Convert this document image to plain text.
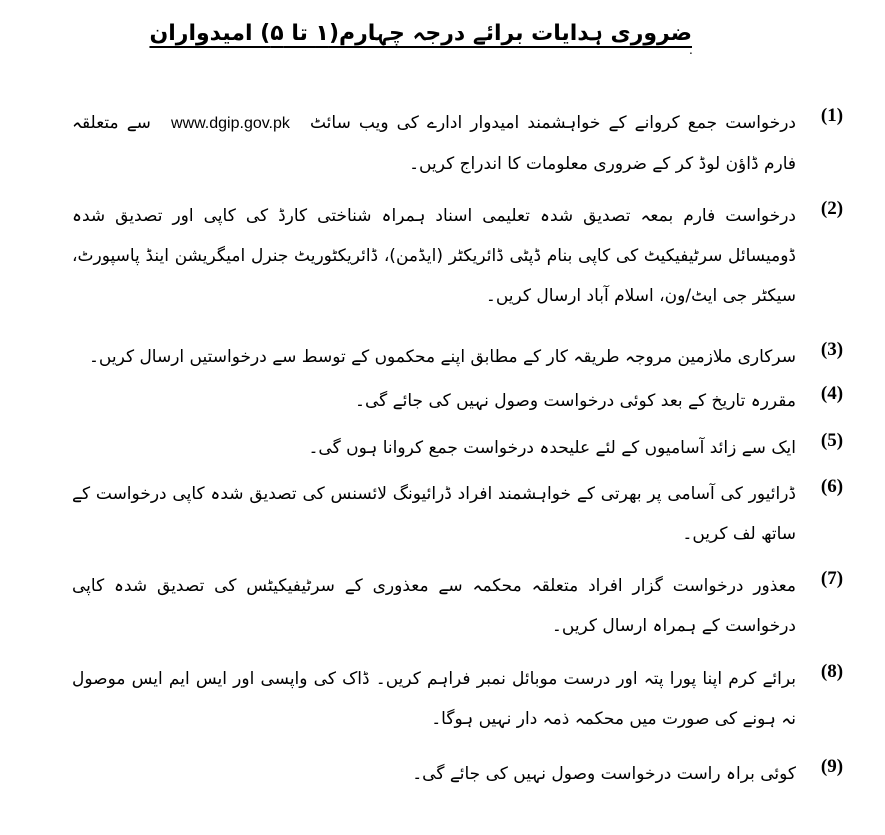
ضروری ہدایات برائے درجہ چہارم(۱ تا ۵) امیدواران
.
(1)
درخواست جمع کروانے کے خواہشمند امیدوار ادارے کی ویب سائٹ www.dgip.gov.pk سے متعلقہ فارم ڈاؤن لوڈ کر کے ضروری معلومات کا اندراج کریں۔
(2)
درخواست فارم بمعہ تصدیق شدہ تعلیمی اسناد ہمراہ شناختی کارڈ کی کاپی اور تصدیق شدہ ڈومیسائل سرٹیفیکیٹ کی کاپی بنام ڈپٹی ڈائریکٹر (ایڈمن)، ڈائریکٹوریٹ جنرل امیگریشن اینڈ پاسپورٹ، سیکٹر جی ایٹ/ون، اسلام آباد ارسال کریں۔
(3)
سرکاری ملازمین مروجہ طریقہ کار کے مطابق اپنے محکموں کے توسط سے درخواستیں ارسال کریں۔
(4)
مقررہ تاریخ کے بعد کوئی درخواست وصول نہیں کی جائے گی۔
(5)
ایک سے زائد آسامیوں کے لئے علیحدہ درخواست جمع کروانا ہوں گی۔
(6)
ڈرائیور کی آسامی پر بھرتی کے خواہشمند افراد ڈرائیونگ لائسنس کی تصدیق شدہ کاپی درخواست کے ساتھ لف کریں۔
(7)
معذور درخواست گزار افراد متعلقہ محکمہ سے معذوری کے سرٹیفیکیٹس کی تصدیق شدہ کاپی درخواست کے ہمراہ ارسال کریں۔
(8)
برائے کرم اپنا پورا پتہ اور درست موبائل نمبر فراہم کریں۔ ڈاک کی واپسی اور ایس ایم ایس موصول نہ ہونے کی صورت میں محکمہ ذمہ دار نہیں ہوگا۔
(9)
کوئی براہ راست درخواست وصول نہیں کی جائے گی۔
